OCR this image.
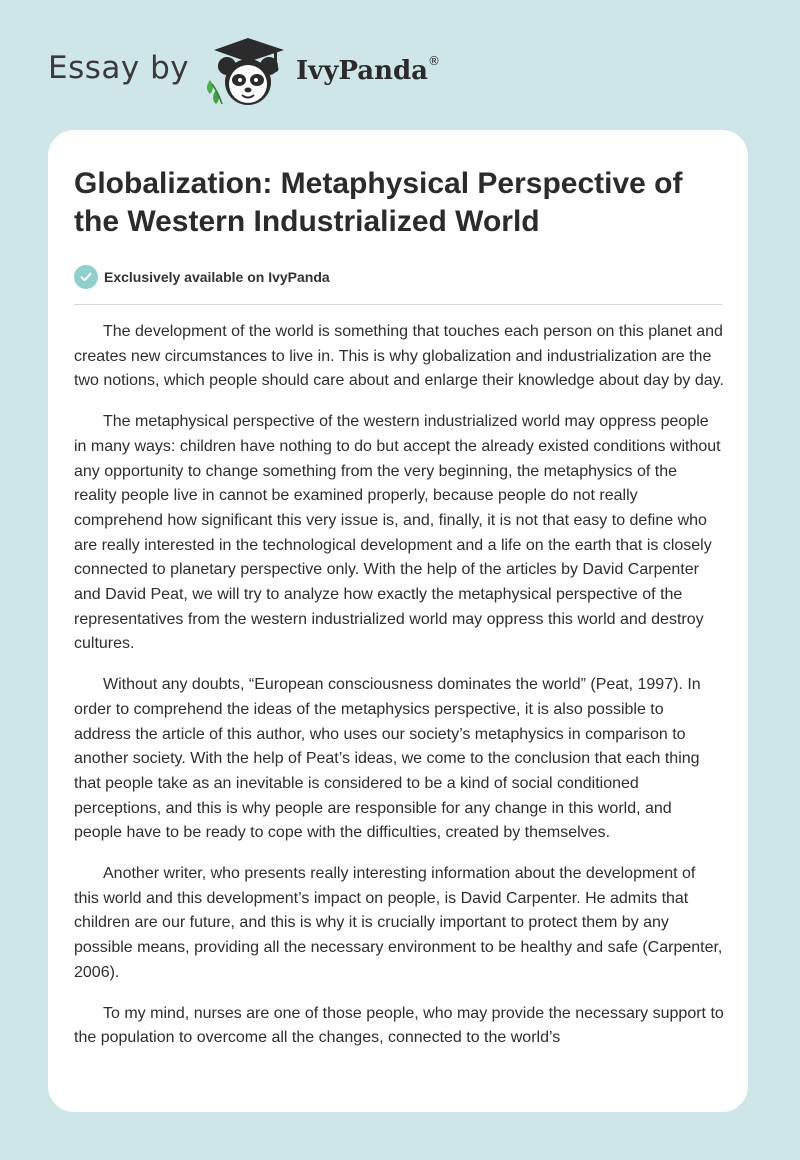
Essay by	IvyPanda®
Globalization: Metaphysical Perspective of the Western Industrialized World
Exclusively available on IvyPanda

The development of the world is something that touches each person on this planet and creates new circumstances to live in. This is why globalization and industrialization are the two notions, which people should care about and enlarge their knowledge about day by day.

The metaphysical perspective of the western industrialized world may oppress people in many ways: children have nothing to do but accept the already existed conditions without any opportunity to change something from the very beginning, the metaphysics of the reality people live in cannot be examined properly, because people do not really comprehend how significant this very issue is, and, finally, it is not that easy to define who are really interested in the technological development and a life on the earth that is closely connected to planetary perspective only. With the help of the articles by David Carpenter and David Peat, we will try to analyze how exactly the metaphysical perspective of the representatives from the western industrialized world may oppress this world and destroy cultures.

Without any doubts, “European consciousness dominates the world” (Peat, 1997). In order to comprehend the ideas of the metaphysics perspective, it is also possible to address the article of this author, who uses our society’s metaphysics in comparison to another society. With the help of Peat’s ideas, we come to the conclusion that each thing that people take as an inevitable is considered to be a kind of social conditioned perceptions, and this is why people are responsible for any change in this world, and people have to be ready to cope with the difficulties, created by themselves.

Another writer, who presents really interesting information about the development of this world and this development’s impact on people, is David Carpenter. He admits that children are our future, and this is why it is crucially important to protect them by any possible means, providing all the necessary environment to be healthy and safe (Carpenter, 2006).

To my mind, nurses are one of those people, who may provide the necessary support to the population to overcome all the changes, connected to the world’s
